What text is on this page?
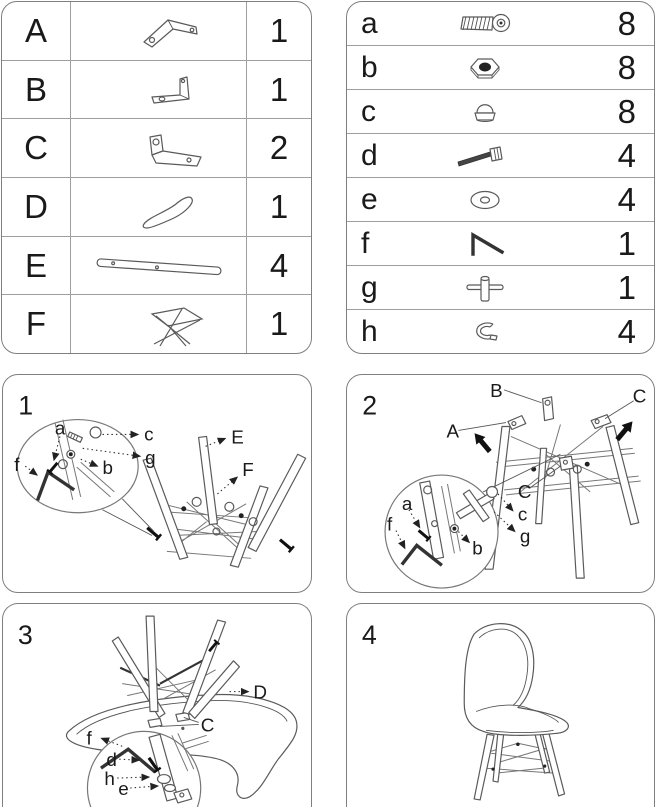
A	1
B	1
C	2
D	1
E	4
F	1
a	8
b	8
c	8
d	4
e	4
f	1
g	1
h	4
1
a
f	b
c
g
E
F
2
A
B	C
C
a
f
b
c
g
3
D
C
f
d
h e
4
